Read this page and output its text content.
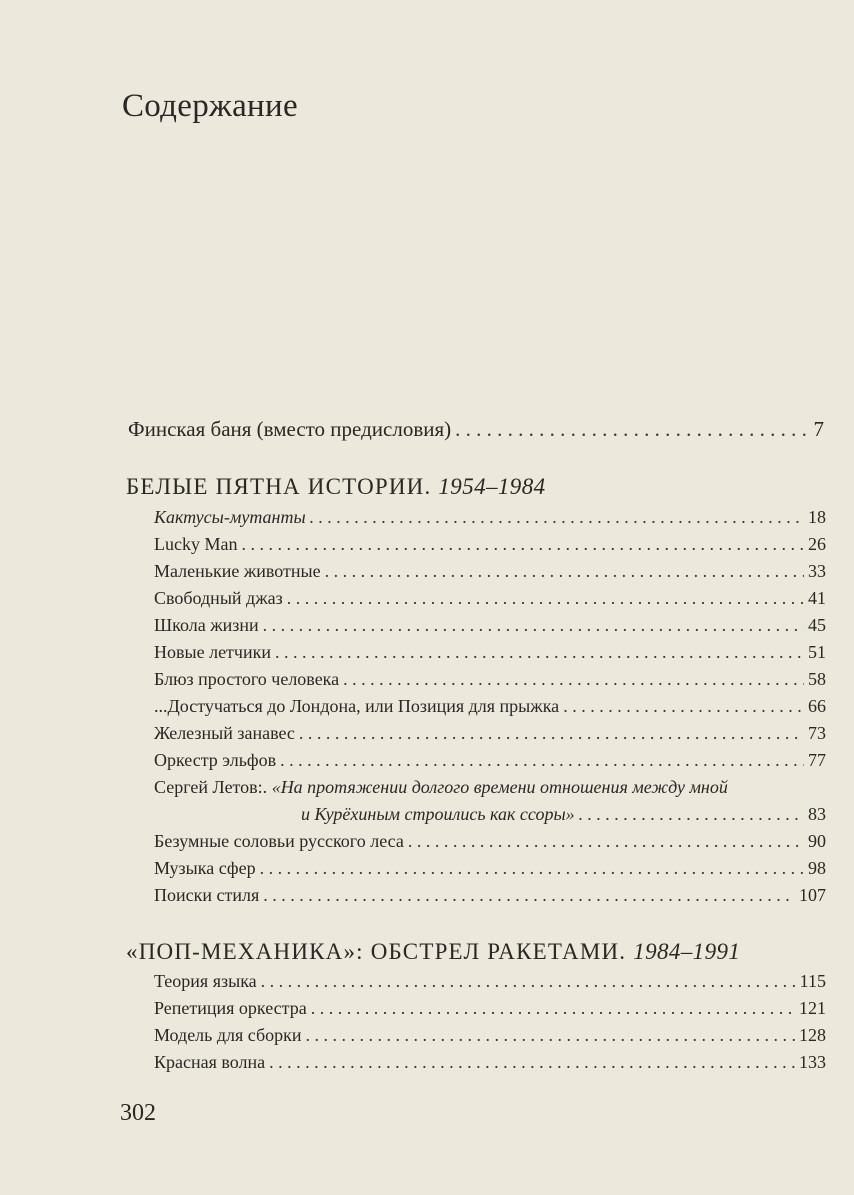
Содержание
Финская баня (вместо предисловия) . . .	7
БЕЛЫЕ ПЯТНА ИСТОРИИ. 1954–1984
Кактусы-мутанты . . .	18
Lucky Man . . .	26
Маленькие животные . . .	33
Свободный джаз . . .	41
Школа жизни . . .	45
Новые летчики . . .	51
Блюз простого человека . . .	58
...Достучаться до Лондона, или Позиция для прыжка . . .	66
Железный занавес . . .	73
Оркестр эльфов . . .	77
Сергей Летов:. «На протяжении долгого времени отношения между мной
и Курёхиным строились как ссоры» . . .	83
Безумные соловьи русского леса . . .	90
Музыка сфер . . .	98
Поиски стиля . . .	107
«ПОП-МЕХАНИКА»: ОБСТРЕЛ РАКЕТАМИ. 1984–1991
Теория языка . . .	115
Репетиция оркестра . . .	121
Модель для сборки . . .	128
Красная волна . . .	133
302
